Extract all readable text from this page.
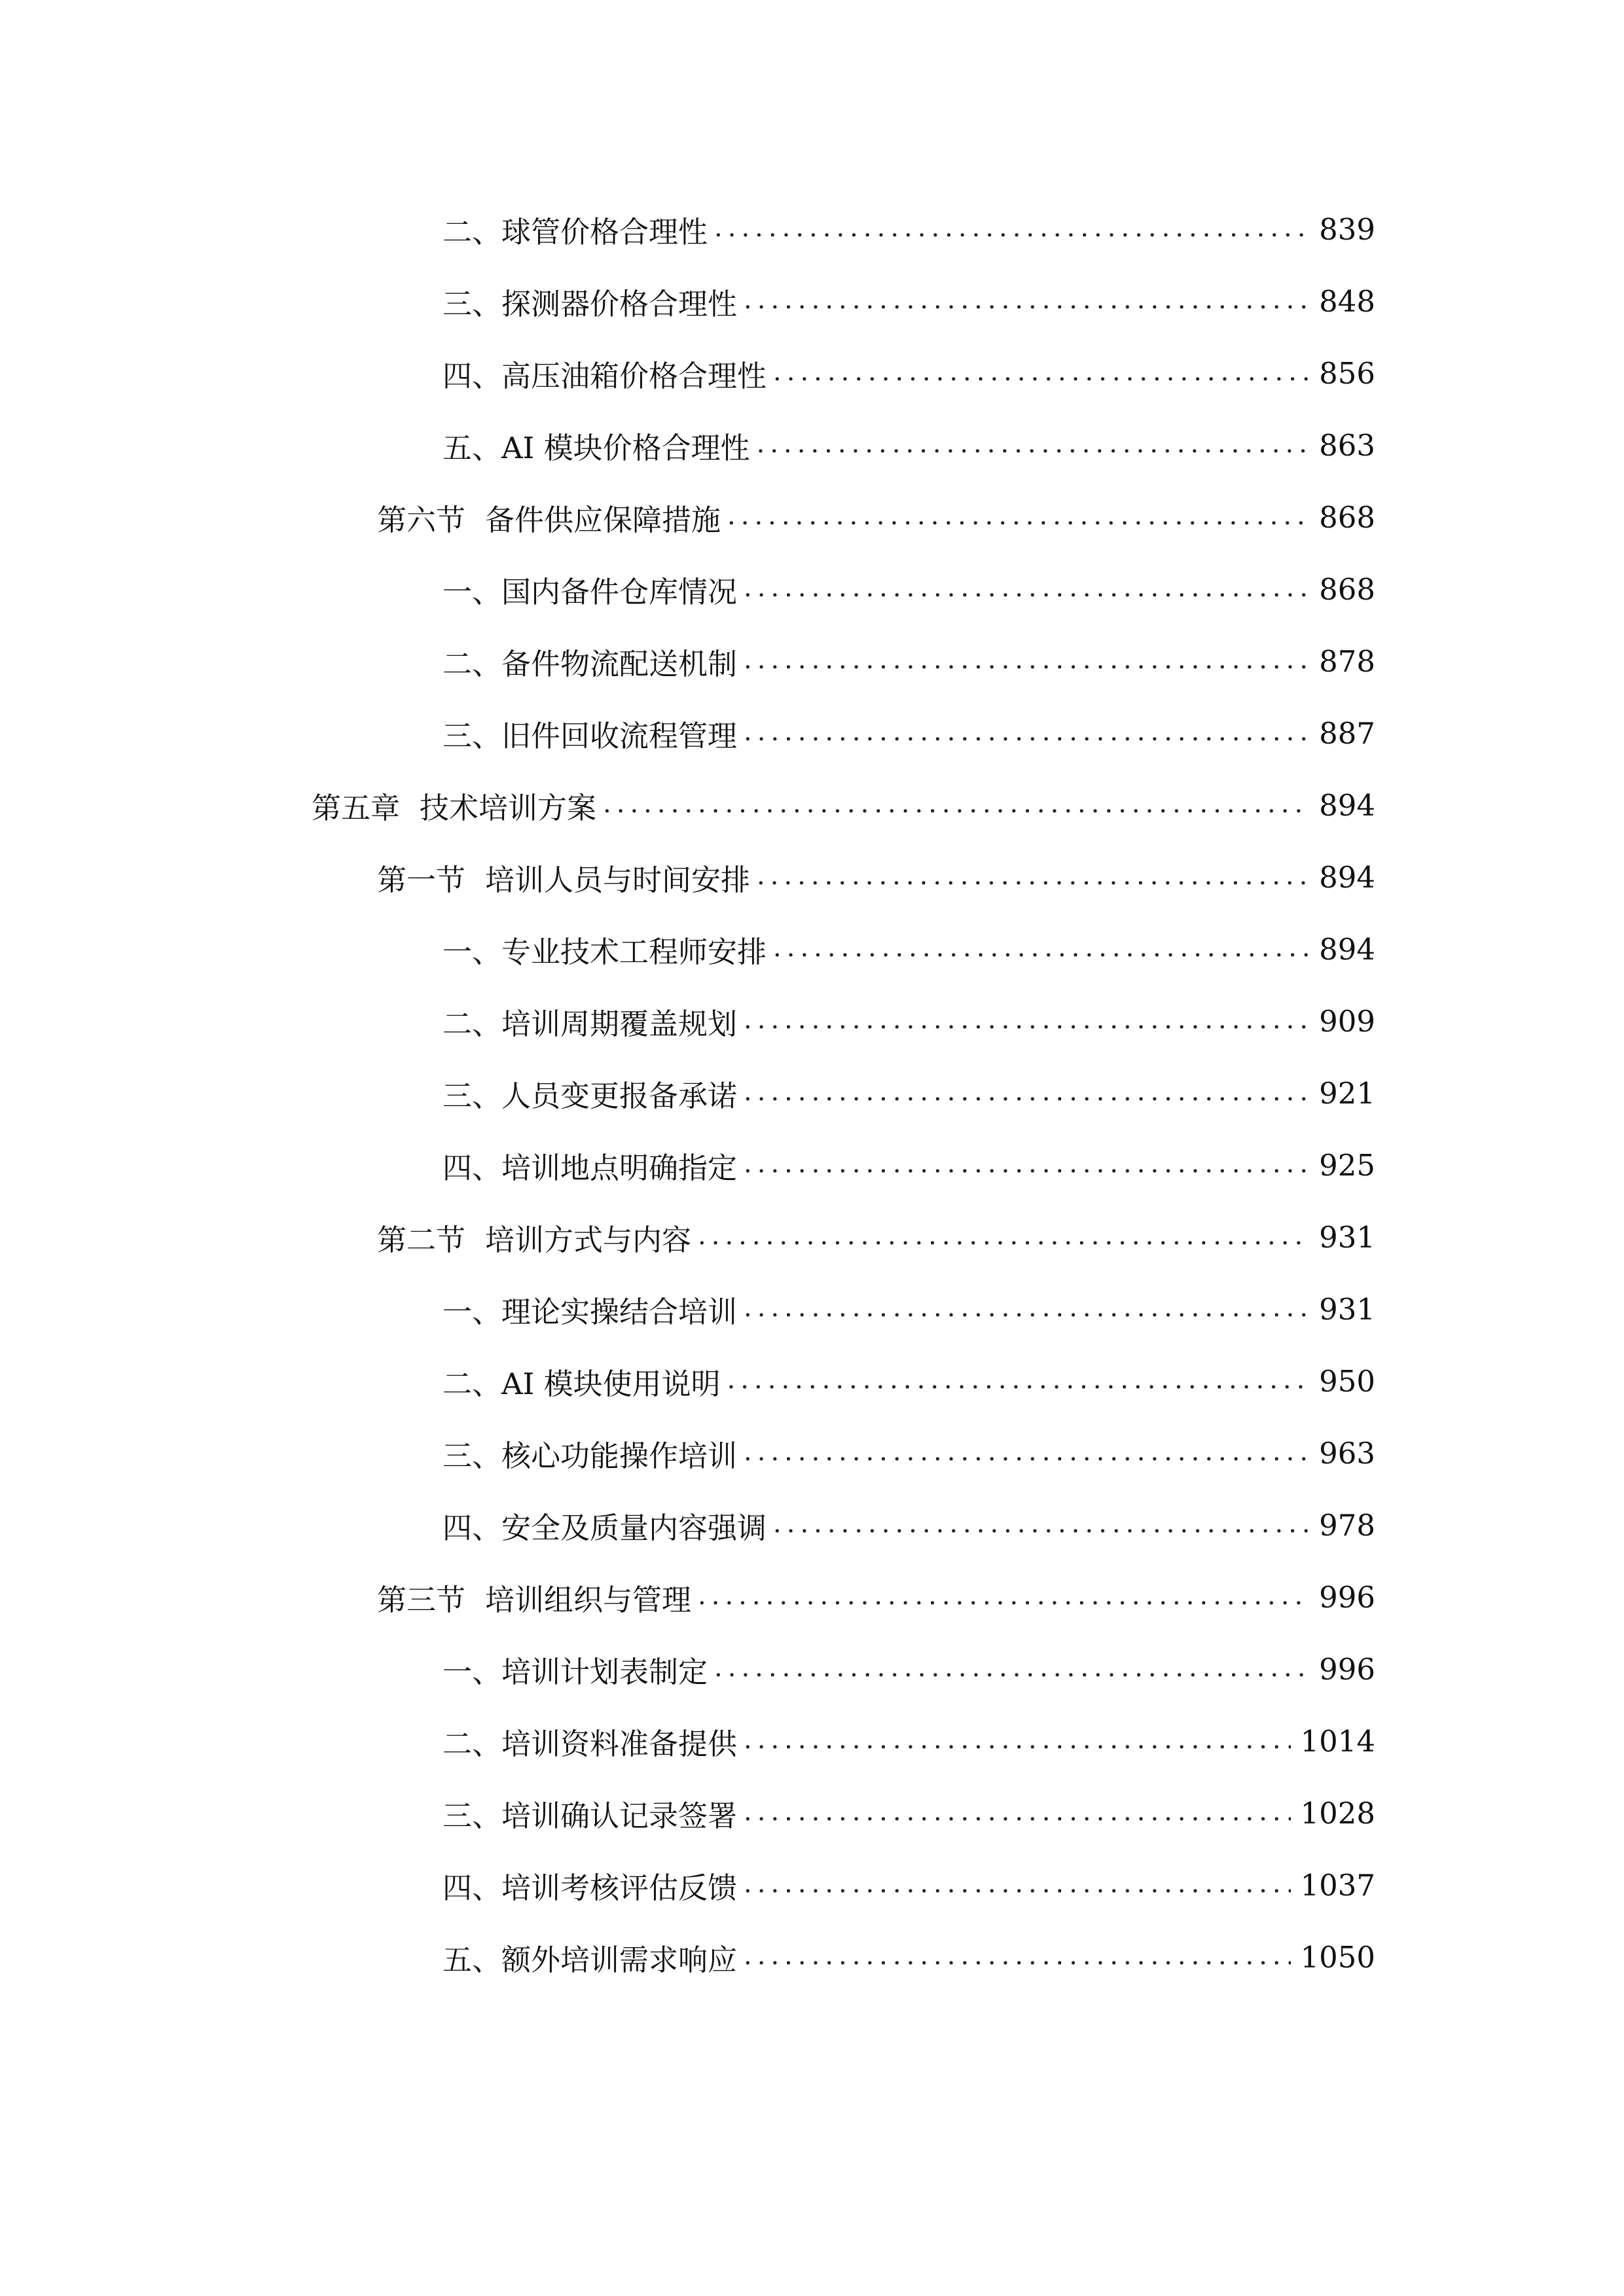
二、 球管价格合理性 .....	839
三、 探测器价格合理性 .....	848
四、 高压油箱价格合理性 .....	856
五、 AI 模块价格合理性 .....	863
第六节 备件供应保障措施 .....	868
一、 国内备件仓库情况 .....	868
二、 备件物流配送机制 .....	878
三、 旧件回收流程管理 .....	887
第五章 技术培训方案 .....	894
第一节 培训人员与时间安排 .....	894
一、 专业技术工程师安排 .....	894
二、 培训周期覆盖规划 .....	909
三、 人员变更报备承诺 .....	921
四、 培训地点明确指定 .....	925
第二节 培训方式与内容 .....	931
一、 理论实操结合培训 .....	931
二、 AI 模块使用说明 .....	950
三、 核心功能操作培训 .....	963
四、 安全及质量内容强调 .....	978
第三节 培训组织与管理 .....	996
一、 培训计划表制定 .....	996
二、 培训资料准备提供 .....	1014
三、 培训确认记录签署 .....	1028
四、 培训考核评估反馈 .....	1037
五、 额外培训需求响应 .....	1050
